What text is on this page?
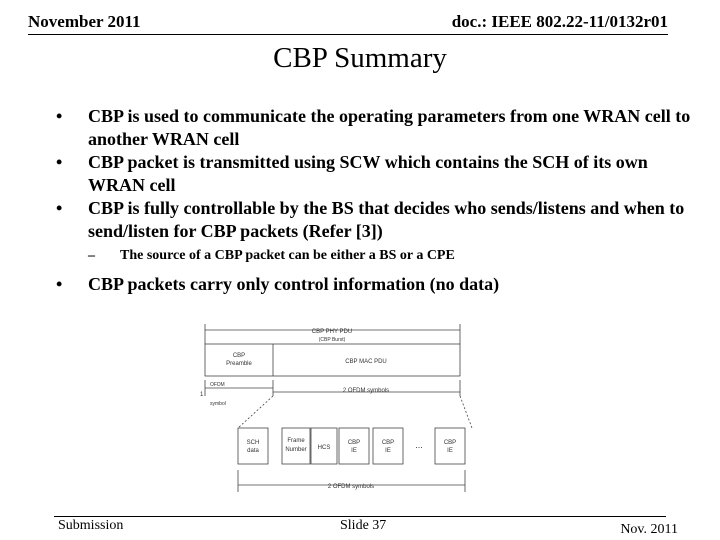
November 2011	doc.: IEEE 802.22-11/0132r01
CBP Summary
• CBP is used to communicate the operating parameters from one WRAN cell to another WRAN cell
• CBP packet is transmitted using SCW which contains the SCH of its own WRAN cell
• CBP is fully controllable by the BS that decides who sends/listens and when to send/listen for CBP packets (Refer [3])
– The source of a CBP packet can be either a BS or a CPE
• CBP packets carry only control information (no data)
CBP PHY PDU
(CBP Burst)
CBP
Preamble	CBP MAC PDU
OFDM
1
symbol
2 OFDM symbols
SCH
data
Frame
Number HCS
CBP
IE
CBP
IE
...	CBP
IE
2 OFDM symbols
Submission	Slide 37	Nov. 2011
